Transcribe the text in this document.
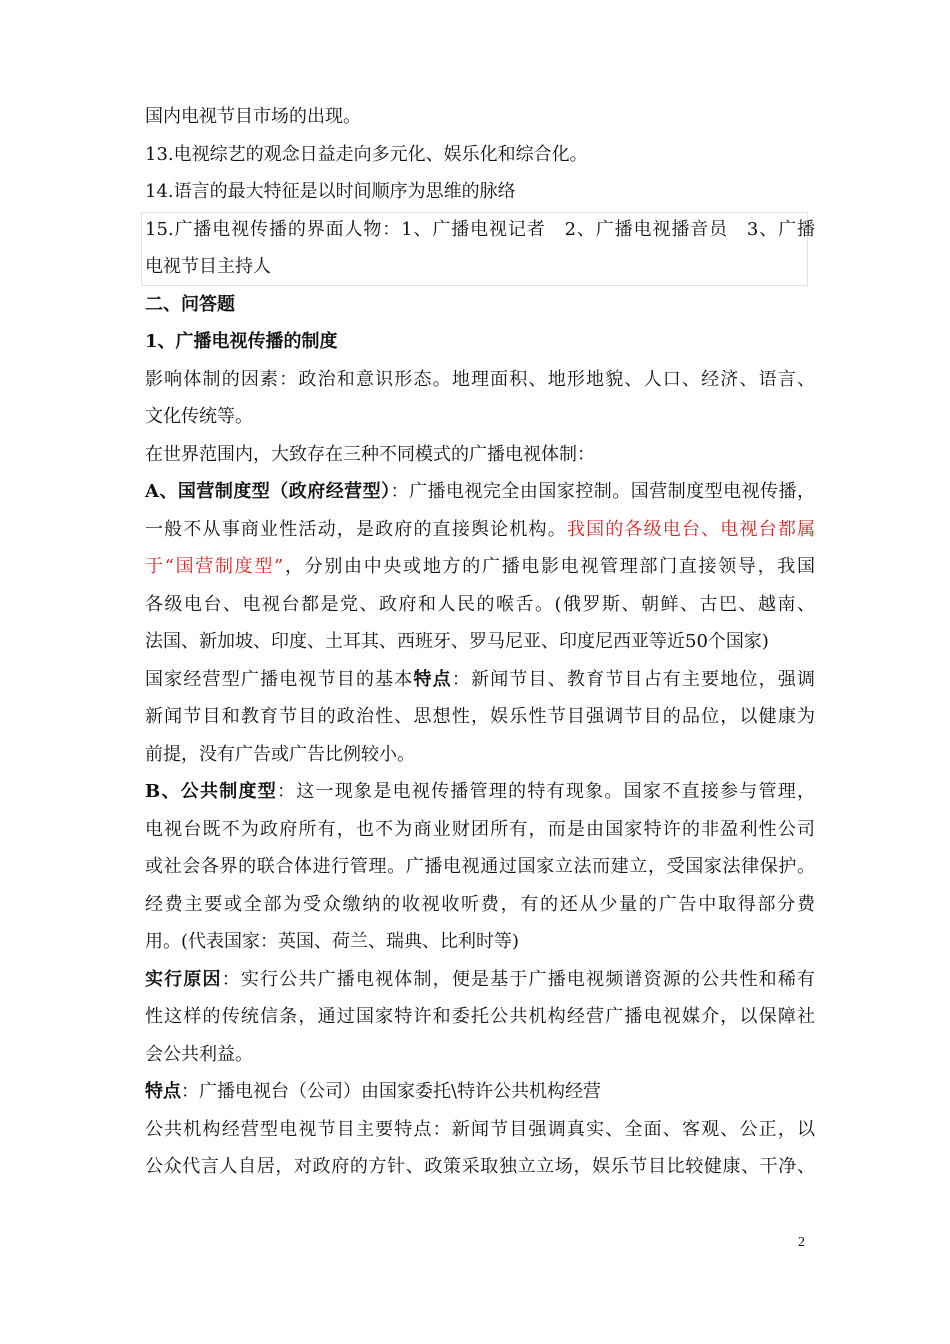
国内电视节目市场的出现。
13.电视综艺的观念日益走向多元化、娱乐化和综合化。
14.语言的最大特征是以时间顺序为思维的脉络
15.广播电视传播的界面人物：1、广播电视记者　2、广播电视播音员　3、广播
电视节目主持人
二、问答题
1、广播电视传播的制度
影响体制的因素：政治和意识形态。地理面积、地形地貌、人口、经济、语言、
文化传统等。
在世界范围内，大致存在三种不同模式的广播电视体制：
A、国营制度型（政府经营型）：广播电视完全由国家控制。国营制度型电视传播，
一般不从事商业性活动，是政府的直接舆论机构。我国的各级电台、电视台都属
于“国营制度型”，分别由中央或地方的广播电影电视管理部门直接领导，我国
各级电台、电视台都是党、政府和人民的喉舌。(俄罗斯、朝鲜、古巴、越南、
法国、新加坡、印度、土耳其、西班牙、罗马尼亚、印度尼西亚等近50个国家)
国家经营型广播电视节目的基本特点：新闻节目、教育节目占有主要地位，强调
新闻节目和教育节目的政治性、思想性，娱乐性节目强调节目的品位，以健康为
前提，没有广告或广告比例较小。
B、公共制度型：这一现象是电视传播管理的特有现象。国家不直接参与管理，
电视台既不为政府所有，也不为商业财团所有，而是由国家特许的非盈利性公司
或社会各界的联合体进行管理。广播电视通过国家立法而建立，受国家法律保护。
经费主要或全部为受众缴纳的收视收听费，有的还从少量的广告中取得部分费
用。(代表国家：英国、荷兰、瑞典、比利时等)
实行原因：实行公共广播电视体制，便是基于广播电视频谱资源的公共性和稀有
性这样的传统信条，通过国家特许和委托公共机构经营广播电视媒介，以保障社
会公共利益。
特点：广播电视台（公司）由国家委托\特许公共机构经营
公共机构经营型电视节目主要特点：新闻节目强调真实、全面、客观、公正，以
公众代言人自居，对政府的方针、政策采取独立立场，娱乐节目比较健康、干净、
2
